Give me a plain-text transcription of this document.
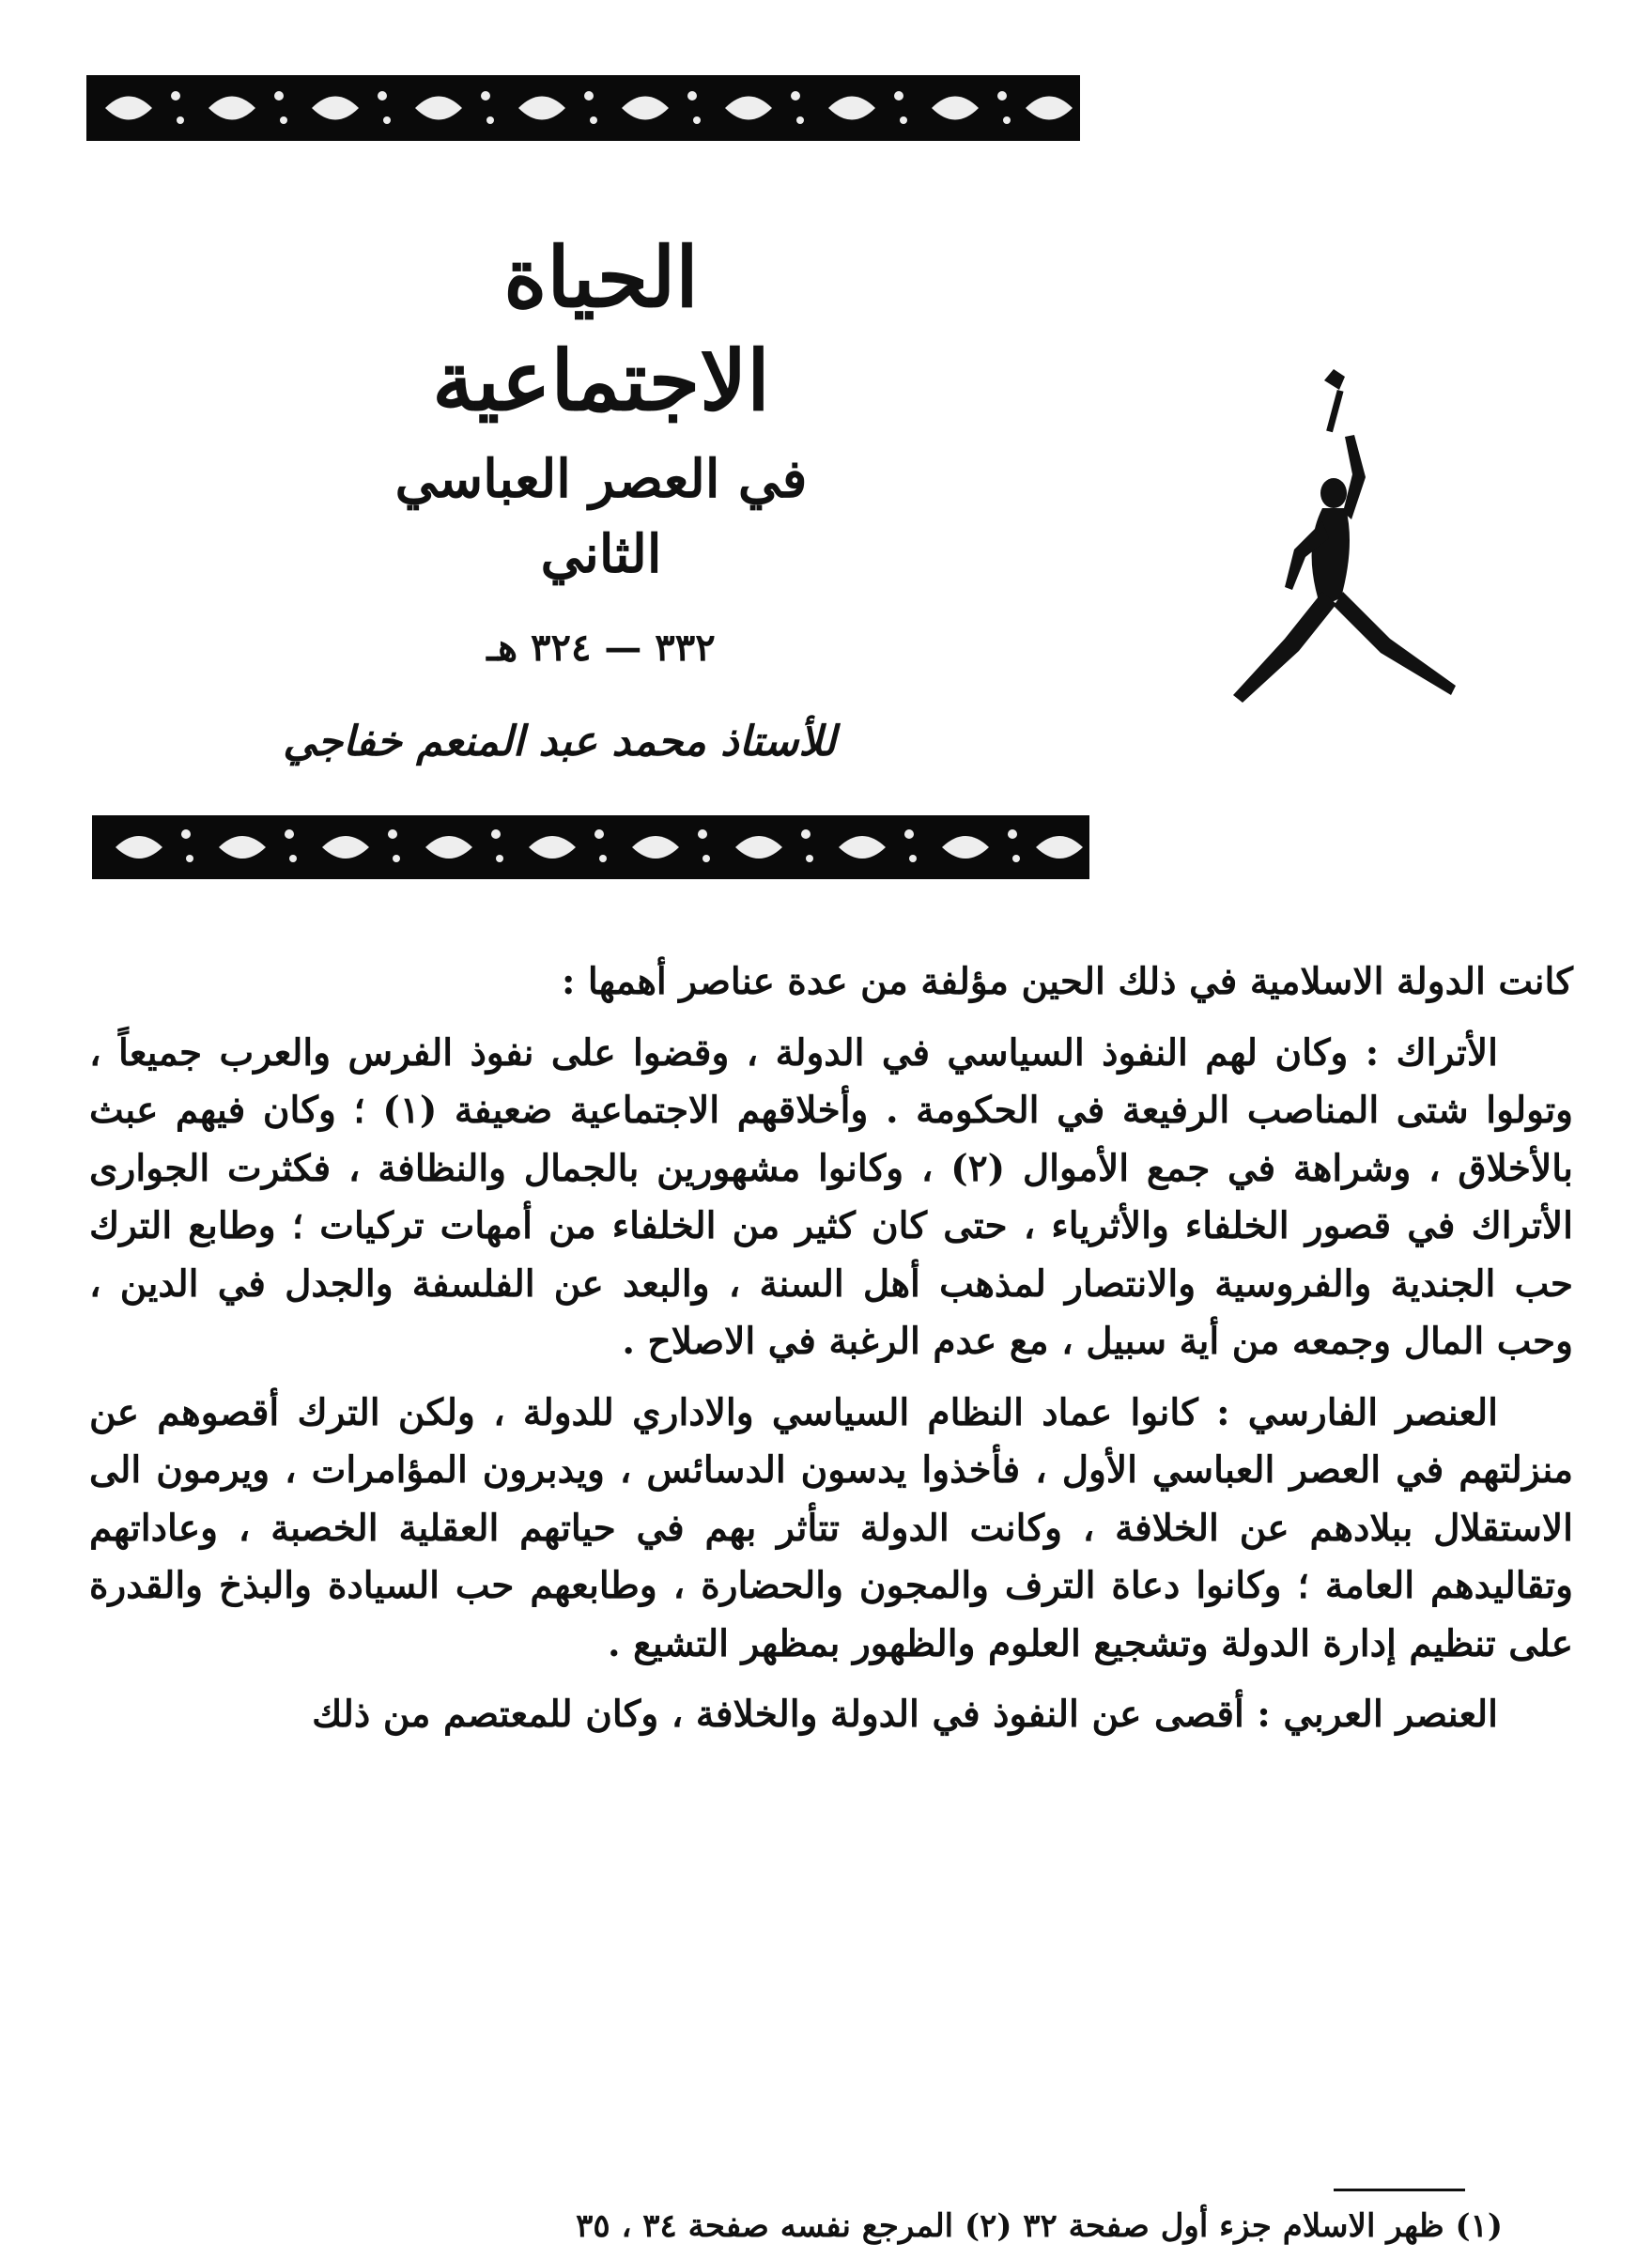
الحياة الاجتماعية
في العصر العباسي الثاني
٣٣٢ — ٣٢٤ هـ
للأستاذ محمد عبد المنعم خفاجي

كانت الدولة الاسلامية في ذلك الحين مؤلفة من عدة عناصر أهمها :

الأتراك : وكان لهم النفوذ السياسي في الدولة ، وقضوا على نفوذ الفرس والعرب جميعاً ، وتولوا شتى المناصب الرفيعة في الحكومة . وأخلاقهم الاجتماعية ضعيفة (١) ؛ وكان فيهم عبث بالأخلاق ، وشراهة في جمع الأموال (٢) ، وكانوا مشهورين بالجمال والنظافة ، فكثرت الجوارى الأتراك في قصور الخلفاء والأثرياء ، حتى كان كثير من الخلفاء من أمهات تركيات ؛ وطابع الترك حب الجندية والفروسية والانتصار لمذهب أهل السنة ، والبعد عن الفلسفة والجدل في الدين ، وحب المال وجمعه من أية سبيل ، مع عدم الرغبة في الاصلاح .

العنصر الفارسي : كانوا عماد النظام السياسي والاداري للدولة ، ولكن الترك أقصوهم عن منزلتهم في العصر العباسي الأول ، فأخذوا يدسون الدسائس ، ويدبرون المؤامرات ، ويرمون الى الاستقلال ببلادهم عن الخلافة ، وكانت الدولة تتأثر بهم في حياتهم العقلية الخصبة ، وعاداتهم وتقاليدهم العامة ؛ وكانوا دعاة الترف والمجون والحضارة ، وطابعهم حب السيادة والبذخ والقدرة على تنظيم إدارة الدولة وتشجيع العلوم والظهور بمظهر التشيع .

العنصر العربي : أقصى عن النفوذ في الدولة والخلافة ، وكان للمعتصم من ذلك

(١) ظهر الاسلام جزء أول صفحة ٣٢ (٢) المرجع نفسه صفحة ٣٤ ، ٣٥
